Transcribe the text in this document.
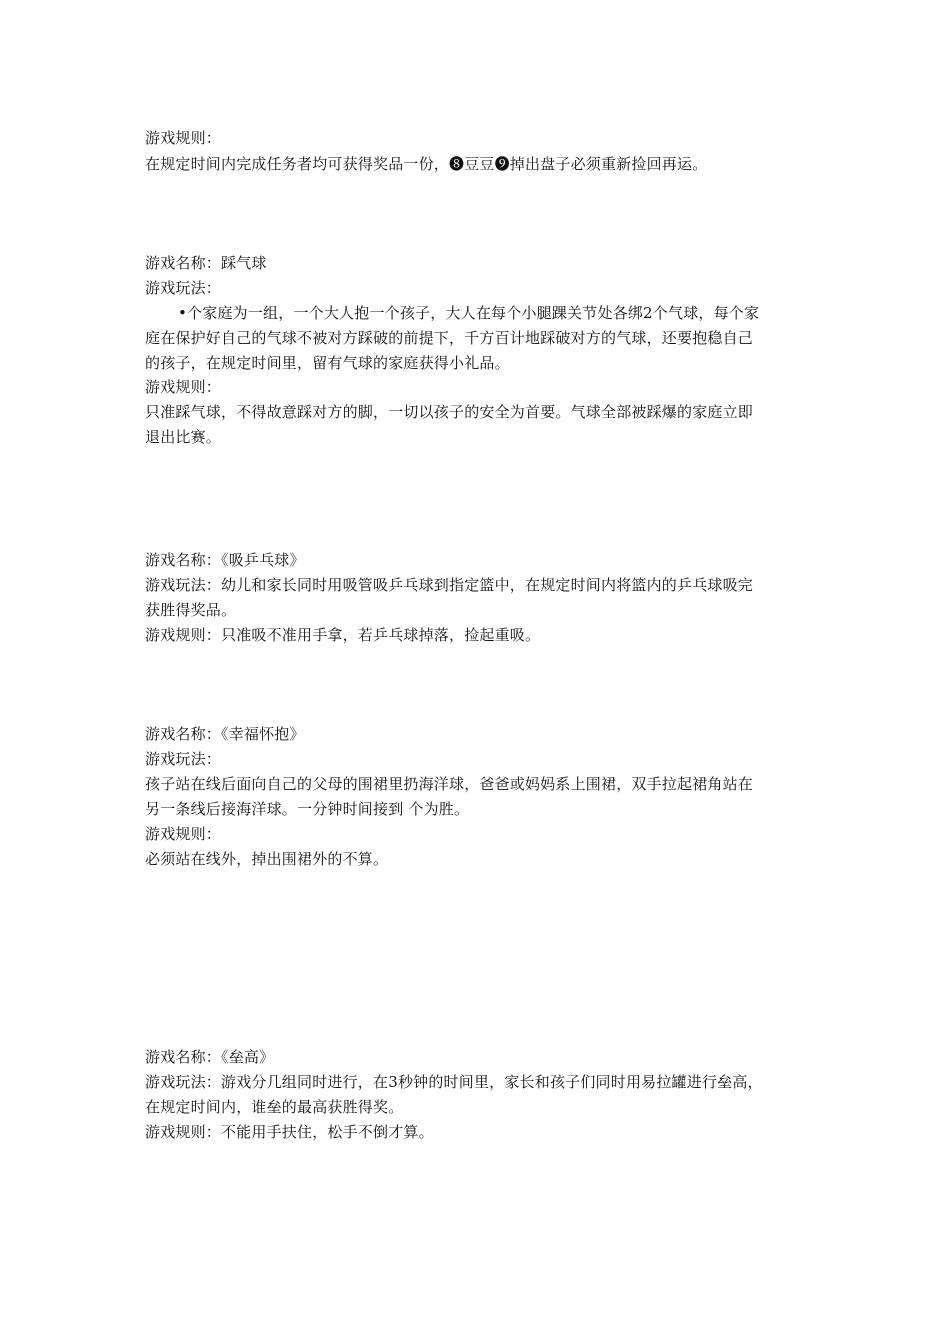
游戏规则：
在规定时间内完成任务者均可获得奖品一份，❽豆豆❾掉出盘子必须重新捡回再运。
游戏名称：踩气球
游戏玩法：
•个家庭为一组，一个大人抱一个孩子，大人在每个小腿踝关节处各绑2个气球，每个家
庭在保护好自己的气球不被对方踩破的前提下，千方百计地踩破对方的气球，还要抱稳自己
的孩子，在规定时间里，留有气球的家庭获得小礼品。
游戏规则：
只准踩气球，不得故意踩对方的脚，一切以孩子的安全为首要。气球全部被踩爆的家庭立即
退出比赛。
游戏名称：《吸乒乓球》
游戏玩法：幼儿和家长同时用吸管吸乒乓球到指定篮中，在规定时间内将篮内的乒乓球吸完
获胜得奖品。
游戏规则：只准吸不准用手拿，若乒乓球掉落，捡起重吸。
游戏名称：《幸福怀抱》
游戏玩法：
孩子站在线后面向自己的父母的围裙里扔海洋球，爸爸或妈妈系上围裙，双手拉起裙角站在
另一条线后接海洋球。一分钟时间接到 个为胜。
游戏规则：
必须站在线外，掉出围裙外的不算。
游戏名称：《垒高》
游戏玩法：游戏分几组同时进行，在3秒钟的时间里，家长和孩子们同时用易拉罐进行垒高，
在规定时间内，谁垒的最高获胜得奖。
游戏规则：不能用手扶住，松手不倒才算。
